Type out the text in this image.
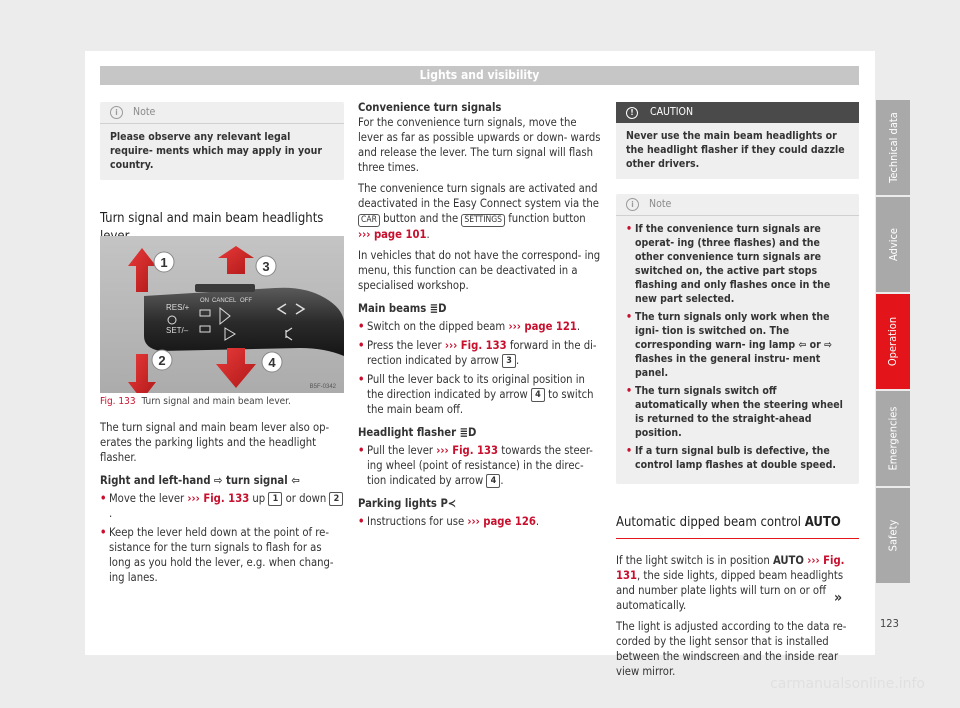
Lights and visibility
i	Note
Please observe any relevant legal require- ments which may apply in your country.
Turn signal and main beam headlights
RES/+
SET/–
ON CANCEL OFF
1
2
3
4
B5F-0342
Fig. 133 Turn signal and main beam lever.

The turn signal and main beam lever also op- erates the parking lights and the headlight flasher.

Right and left-hand ⇨ turn signal ⇦
• Move the lever ››› Fig. 133 up 1 or down 2.
• Keep the lever held down at the point of re- sistance for the turn signals to flash for as long as you hold the lever, e.g. when chang- ing lanes.
Convenience turn signals

For the convenience turn signals, move the lever as far as possible upwards or down- wards and release the lever. The turn signal will flash three times.

The convenience turn signals are activated and deactivated in the Easy Connect system via the CAR button and the SETTINGS function button ››› page 101.

In vehicles that do not have the correspond- ing menu, this function can be deactivated in a specialised workshop.

Main beams ≣D
• Switch on the dipped beam ››› page 121.
• Press the lever ››› Fig. 133 forward in the di- rection indicated by arrow 3 .
• Pull the lever back to its original position in the direction indicated by arrow 4 to switch the main beam off.
Headlight flasher ≣D
• Pull the lever ››› Fig. 133 towards the steer- ing wheel (point of resistance) in the direc- tion indicated by arrow 4 .
Parking lights P≺
• Instructions for use ››› page 126.
!	CAUTION
Never use the main beam headlights or the headlight flasher if they could dazzle other drivers.
i	Note
• If the convenience turn signals are operat- ing (three flashes) and the other convenience turn signals are switched on, the active part stops flashing and only flashes once in the new part selected.
• The turn signals only work when the igni- tion is switched on. The corresponding warn- ing lamp ⇦ or ⇨ flashes in the general instru- ment panel.
• The turn signals switch off automatically when the steering wheel is returned to the straight-ahead position.
• If a turn signal bulb is defective, the control lamp flashes at double speed.
Automatic dipped beam control AUTO

If the light switch is in position AUTO ››› Fig. 131, the side lights, dipped beam headlights and number plate lights will turn on or off automatically.

The light is adjusted according to the data re- corded by the light sensor that is installed between the windscreen and the inside rear view mirror.

»
Technical data
Advice
Operation
Emergencies
Safety
123
carmanualsonline.info
